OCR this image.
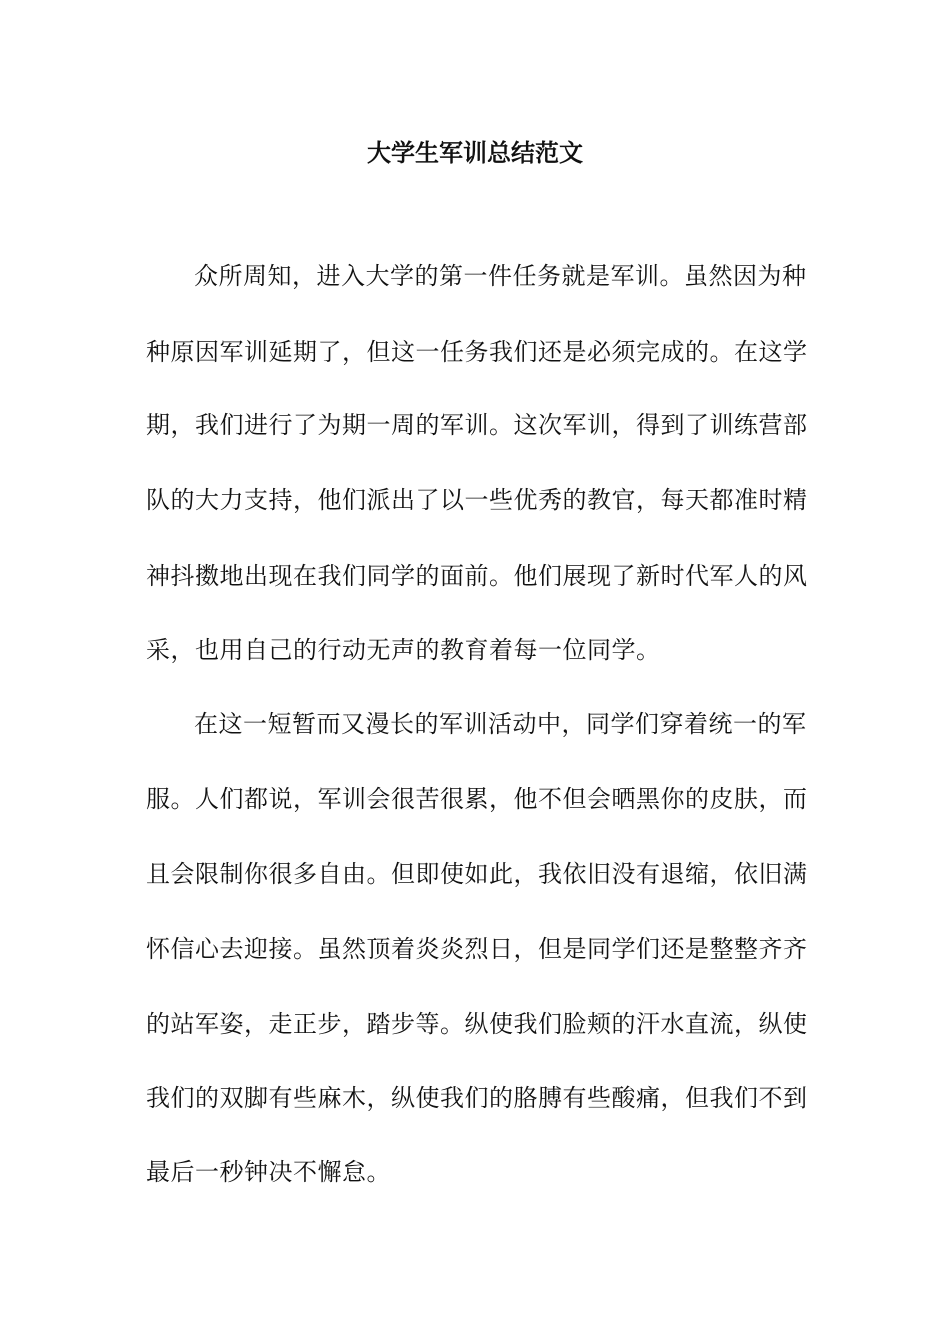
大学生军训总结范文
众所周知，进入大学的第一件任务就是军训。虽然因为种
种原因军训延期了，但这一任务我们还是必须完成的。在这学
期，我们进行了为期一周的军训。这次军训，得到了训练营部
队的大力支持，他们派出了以一些优秀的教官，每天都准时精
神抖擞地出现在我们同学的面前。他们展现了新时代军人的风
采，也用自己的行动无声的教育着每一位同学。
在这一短暂而又漫长的军训活动中，同学们穿着统一的军
服。人们都说，军训会很苦很累，他不但会晒黑你的皮肤，而
且会限制你很多自由。但即使如此，我依旧没有退缩，依旧满
怀信心去迎接。虽然顶着炎炎烈日，但是同学们还是整整齐齐
的站军姿，走正步，踏步等。纵使我们脸颊的汗水直流，纵使
我们的双脚有些麻木，纵使我们的胳膊有些酸痛，但我们不到
最后一秒钟决不懈怠。
